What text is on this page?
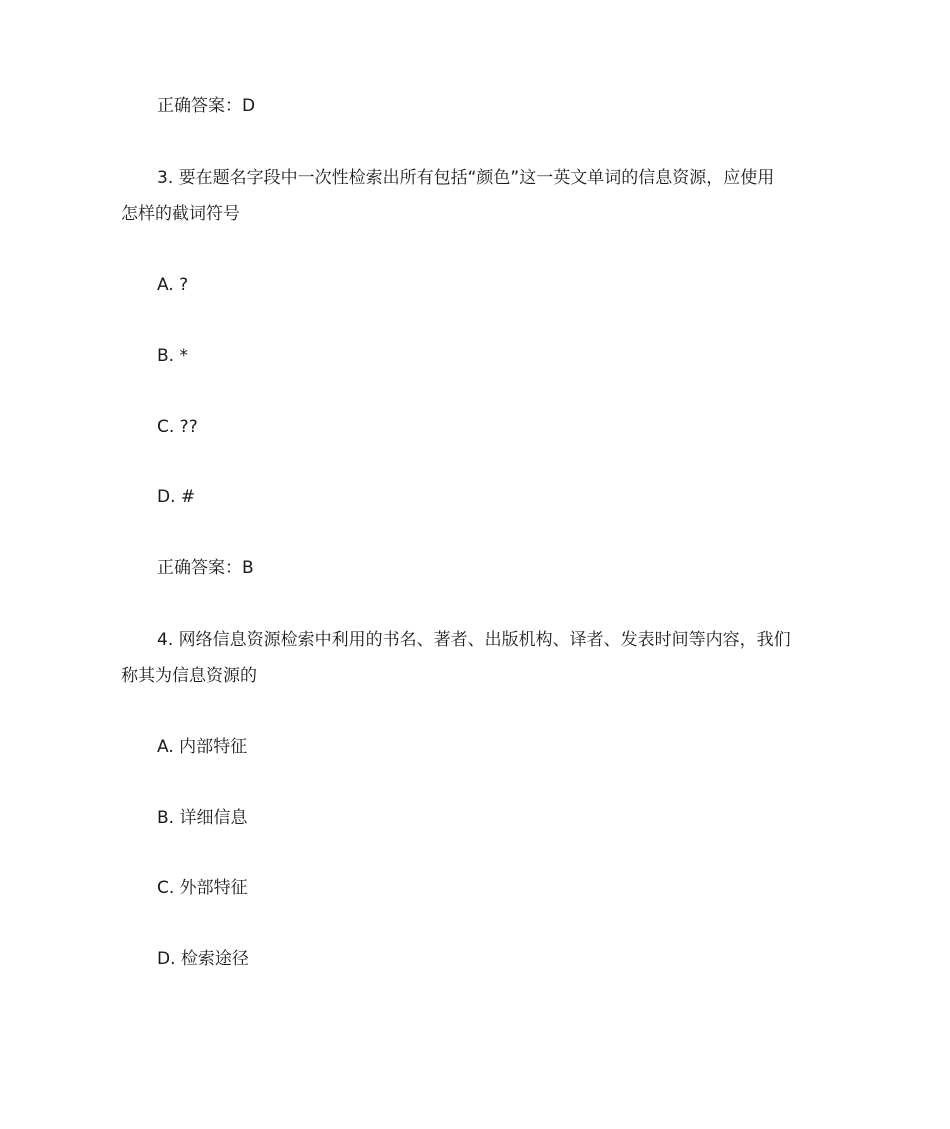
正确答案：D
3. 要在题名字段中一次性检索出所有包括“颜色”这一英文单词的信息资源，应使用
怎样的截词符号
A. ?
B. *
C. ??
D. #
正确答案：B
4. 网络信息资源检索中利用的书名、著者、出版机构、译者、发表时间等内容，我们
称其为信息资源的
A. 内部特征
B. 详细信息
C. 外部特征
D. 检索途径
